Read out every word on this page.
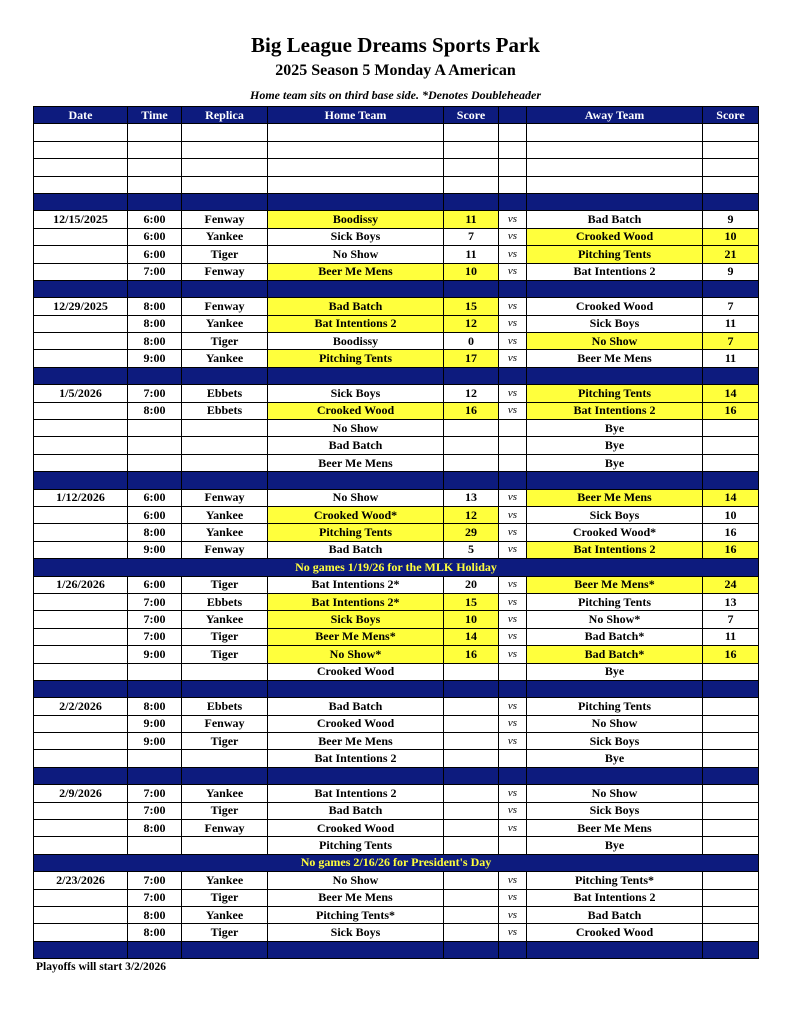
Big League Dreams Sports Park
2025 Season 5 Monday A American
Home team sits on third base side. *Denotes Doubleheader
Date	Time	Replica	Home Team	Score		Away Team	Score

12/15/2025	6:00	Fenway	Boodissy	11	vs	Bad Batch	9
	6:00	Yankee	Sick Boys	7	vs	Crooked Wood	10
	6:00	Tiger	No Show	11	vs	Pitching Tents	21
	7:00	Fenway	Beer Me Mens	10	vs	Bat Intentions 2	9

12/29/2025	8:00	Fenway	Bad Batch	15	vs	Crooked Wood	7
	8:00	Yankee	Bat Intentions 2	12	vs	Sick Boys	11
	8:00	Tiger	Boodissy	0	vs	No Show	7
	9:00	Yankee	Pitching Tents	17	vs	Beer Me Mens	11

1/5/2026	7:00	Ebbets	Sick Boys	12	vs	Pitching Tents	14
	8:00	Ebbets	Crooked Wood	16	vs	Bat Intentions 2	16
			No Show			Bye	
			Bad Batch			Bye	
			Beer Me Mens			Bye	

1/12/2026	6:00	Fenway	No Show	13	vs	Beer Me Mens	14
	6:00	Yankee	Crooked Wood*	12	vs	Sick Boys	10
	8:00	Yankee	Pitching Tents	29	vs	Crooked Wood*	16
	9:00	Fenway	Bad Batch	5	vs	Bat Intentions 2	16
No games 1/19/26 for the MLK Holiday							
1/26/2026	6:00	Tiger	Bat Intentions 2*	20	vs	Beer Me Mens*	24
	7:00	Ebbets	Bat Intentions 2*	15	vs	Pitching Tents	13
	7:00	Yankee	Sick Boys	10	vs	No Show*	7
	7:00	Tiger	Beer Me Mens*	14	vs	Bad Batch*	11
	9:00	Tiger	No Show*	16	vs	Bad Batch*	16
			Crooked Wood			Bye	

2/2/2026	8:00	Ebbets	Bad Batch		vs	Pitching Tents	
	9:00	Fenway	Crooked Wood		vs	No Show	
	9:00	Tiger	Beer Me Mens		vs	Sick Boys	
			Bat Intentions 2			Bye	

2/9/2026	7:00	Yankee	Bat Intentions 2		vs	No Show	
	7:00	Tiger	Bad Batch		vs	Sick Boys	
	8:00	Fenway	Crooked Wood		vs	Beer Me Mens	
			Pitching Tents			Bye	
No games 2/16/26 for President's Day							
2/23/2026	7:00	Yankee	No Show		vs	Pitching Tents*	
	7:00	Tiger	Beer Me Mens		vs	Bat Intentions 2	
	8:00	Yankee	Pitching Tents*		vs	Bad Batch	
	8:00	Tiger	Sick Boys		vs	Crooked Wood	

Playoffs will start 3/2/2026
